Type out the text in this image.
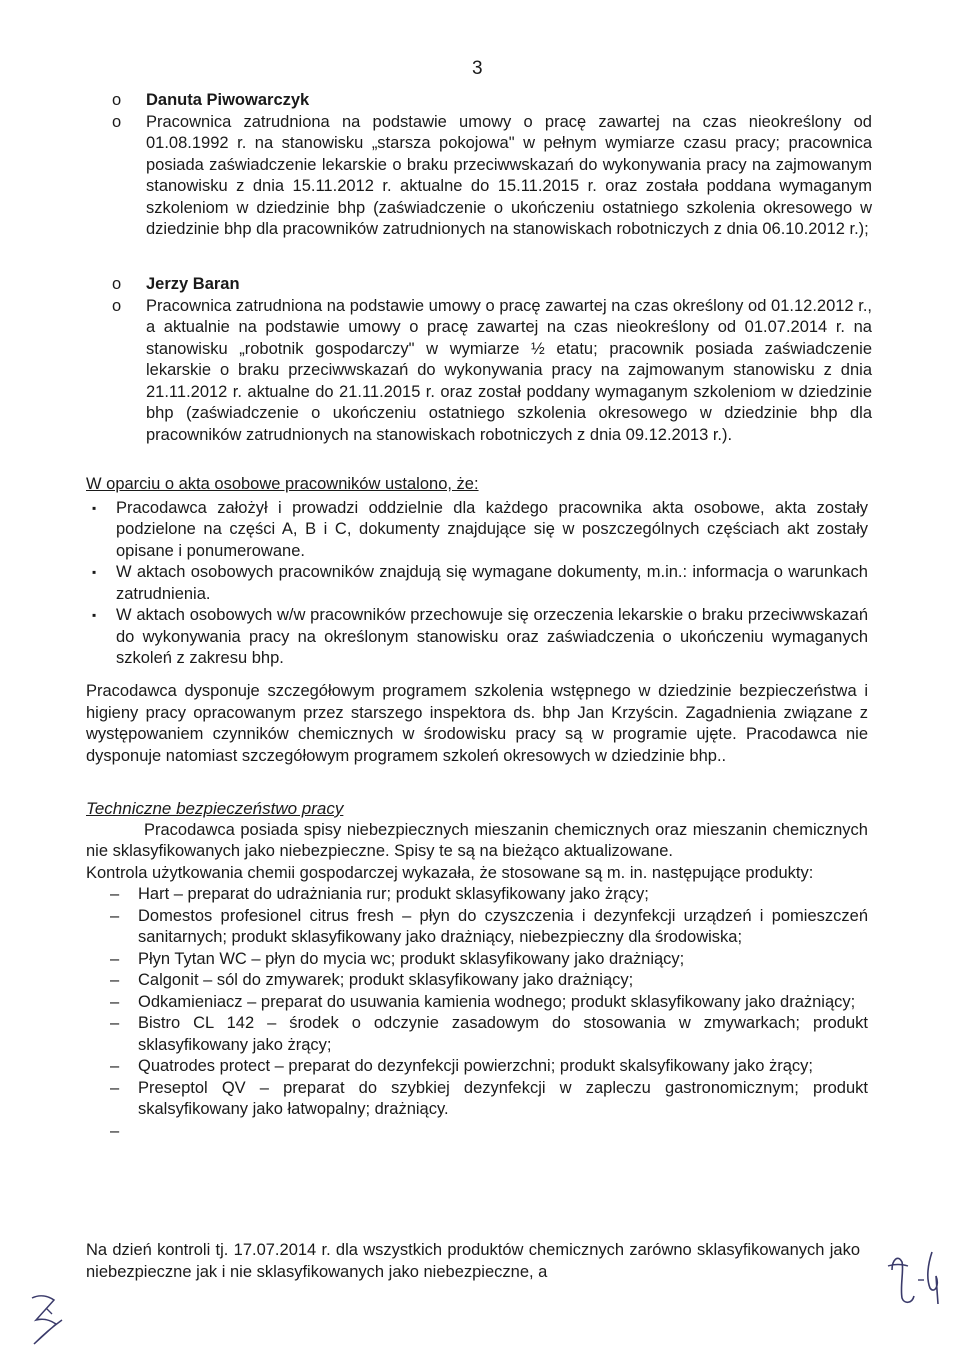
3
o Danuta Piwowarczyk
o Pracownica zatrudniona na podstawie umowy o pracę zawartej na czas nieokreślony od 01.08.1992 r. na stanowisku „starsza pokojowa" w pełnym wymiarze czasu pracy; pracownica posiada zaświadczenie lekarskie o braku przeciwwskazań do wykonywania pracy na zajmowanym stanowisku z dnia 15.11.2012 r. aktualne do 15.11.2015 r. oraz została poddana wymaganym szkoleniom w dziedzinie bhp (zaświadczenie o ukończeniu ostatniego szkolenia okresowego w dziedzinie bhp dla pracowników zatrudnionych na stanowiskach robotniczych z dnia 06.10.2012 r.);
o Jerzy Baran
o Pracownica zatrudniona na podstawie umowy o pracę zawartej na czas określony od 01.12.2012 r., a aktualnie na podstawie umowy o pracę zawartej na czas nieokreślony od 01.07.2014 r. na stanowisku „robotnik gospodarczy" w wymiarze ½ etatu; pracownik posiada zaświadczenie lekarskie o braku przeciwwskazań do wykonywania pracy na zajmowanym stanowisku z dnia 21.11.2012 r. aktualne do 21.11.2015 r. oraz został poddany wymaganym szkoleniom w dziedzinie bhp (zaświadczenie o ukończeniu ostatniego szkolenia okresowego w dziedzinie bhp dla pracowników zatrudnionych na stanowiskach robotniczych z dnia 09.12.2013 r.).
W oparciu o akta osobowe pracowników ustalono, że:
▪ Pracodawca założył i prowadzi oddzielnie dla każdego pracownika akta osobowe, akta zostały podzielone na części A, B i C, dokumenty znajdujące się w poszczególnych częściach akt zostały opisane i ponumerowane.
▪ W aktach osobowych pracowników znajdują się wymagane dokumenty, m.in.: informacja o warunkach zatrudnienia.
▪ W aktach osobowych w/w pracowników przechowuje się orzeczenia lekarskie o braku przeciwwskazań do wykonywania pracy na określonym stanowisku oraz zaświadczenia o ukończeniu wymaganych szkoleń z zakresu bhp.
Pracodawca dysponuje szczegółowym programem szkolenia wstępnego w dziedzinie bezpieczeństwa i higieny pracy opracowanym przez starszego inspektora ds. bhp Jan Krzyścin. Zagadnienia związane z występowaniem czynników chemicznych w środowisku pracy są w programie ujęte. Pracodawca nie dysponuje natomiast szczegółowym programem szkoleń okresowych w dziedzinie bhp..
Techniczne bezpieczeństwo pracy
Pracodawca posiada spisy niebezpiecznych mieszanin chemicznych oraz mieszanin chemicznych nie sklasyfikowanych jako niebezpieczne. Spisy te są na bieżąco aktualizowane.
Kontrola użytkowania chemii gospodarczej wykazała, że stosowane są m. in. następujące produkty:
– Hart – preparat do udrażniania rur; produkt sklasyfikowany jako żrący;
– Domestos profesionel citrus fresh – płyn do czyszczenia i dezynfekcji urządzeń i pomieszczeń sanitarnych; produkt sklasyfikowany jako drażniący, niebezpieczny dla środowiska;
– Płyn Tytan WC – płyn do mycia wc; produkt sklasyfikowany jako drażniący;
– Calgonit – sól do zmywarek; produkt sklasyfikowany jako drażniący;
– Odkamieniacz – preparat do usuwania kamienia wodnego; produkt sklasyfikowany jako drażniący;
– Bistro CL 142 – środek o odczynie zasadowym do stosowania w zmywarkach; produkt sklasyfikowany jako żrący;
– Quatrodes protect – preparat do dezynfekcji powierzchni; produkt skalsyfikowany jako żrący;
– Preseptol QV – preparat do szybkiej dezynfekcji w zapleczu gastronomicznym; produkt skalsyfikowany jako łatwopalny; drażniący.
–
Na dzień kontroli tj. 17.07.2014 r. dla wszystkich produktów chemicznych zarówno sklasyfikowanych jako niebezpieczne jak i nie sklasyfikowanych jako niebezpieczne, a
